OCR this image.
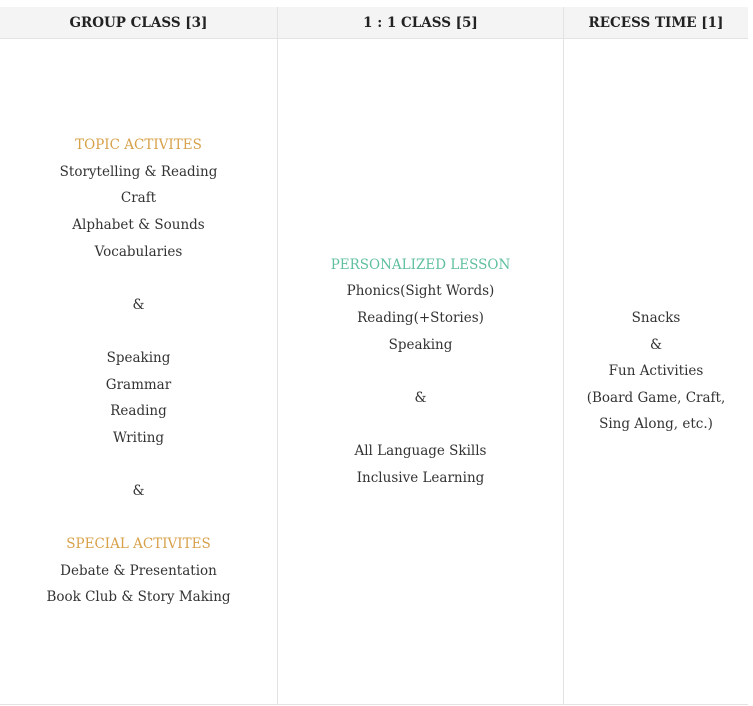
GROUP CLASS [3]	1 : 1 CLASS [5]	RECESS TIME [1]
TOPIC ACTIVITES
Storytelling & Reading
Craft
Alphabet & Sounds
Vocabularies
&
Speaking
Grammar
Reading
Writing
&
SPECIAL ACTIVITES
Debate & Presentation
Book Club & Story Making
PERSONALIZED LESSON
Phonics(Sight Words)
Reading(+Stories)
Speaking
&
All Language Skills
Inclusive Learning
Snacks
&
Fun Activities
(Board Game, Craft,
Sing Along, etc.)
